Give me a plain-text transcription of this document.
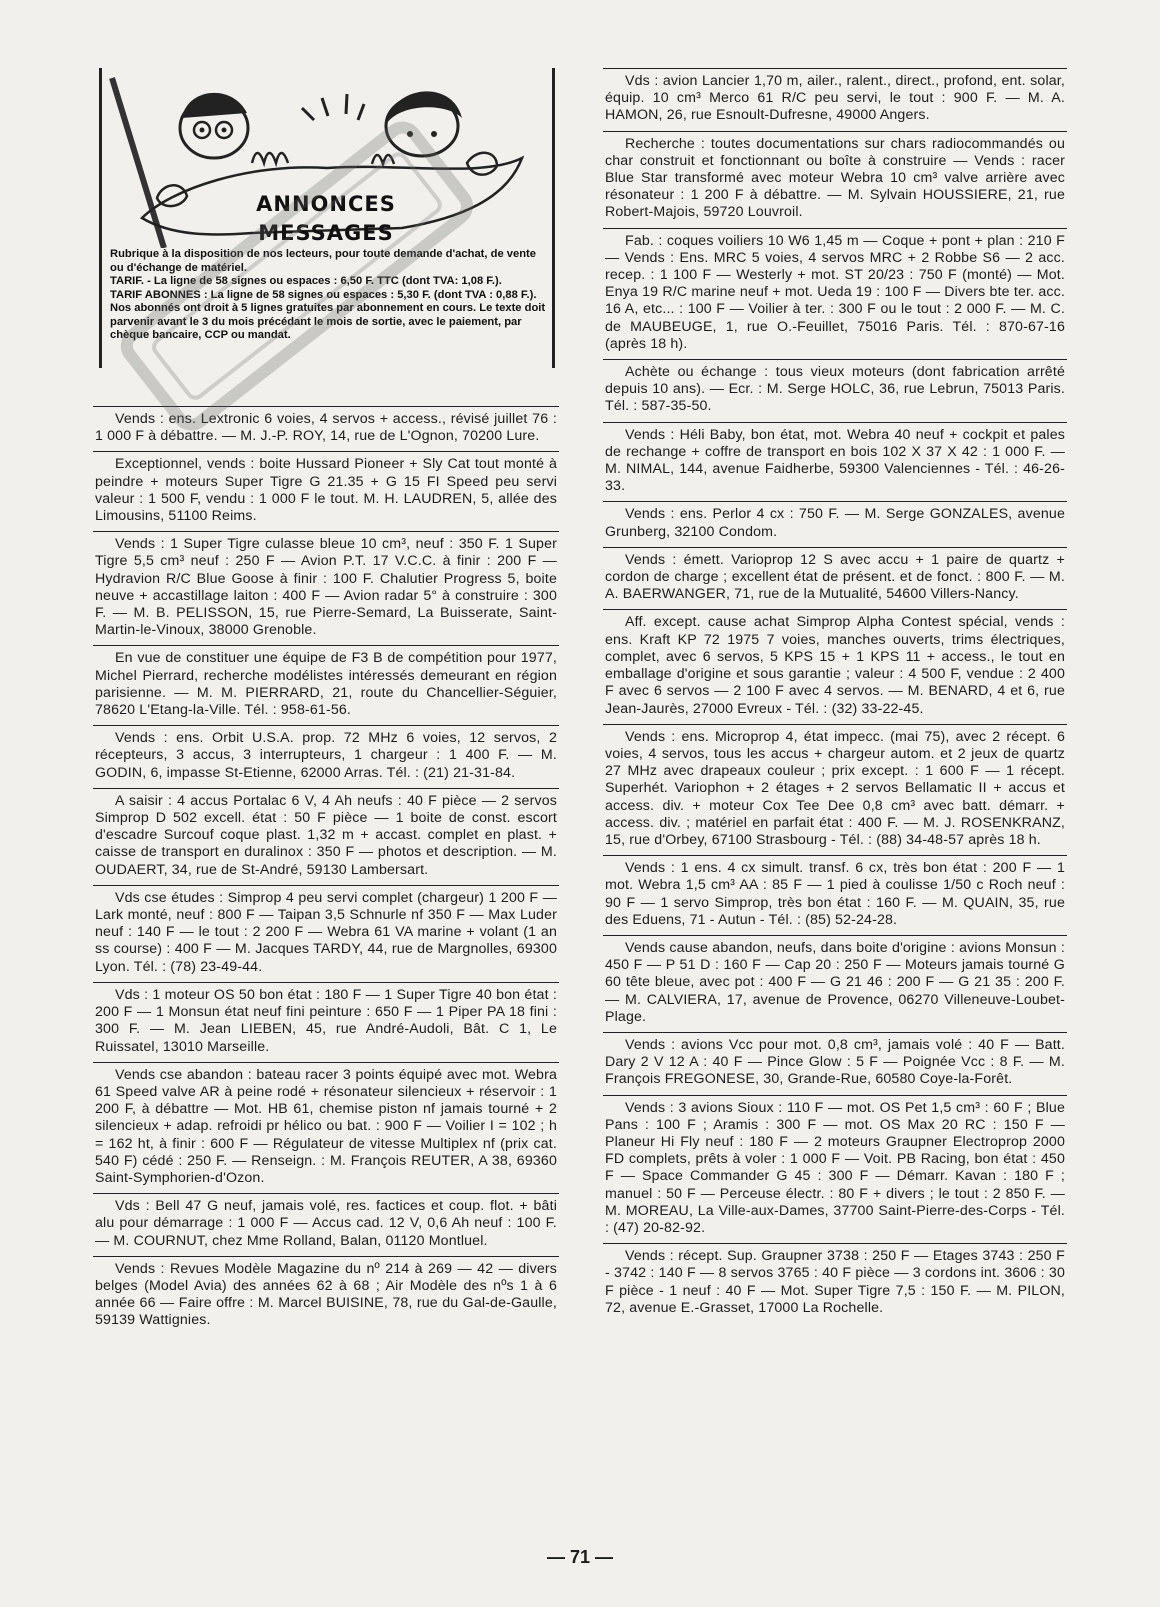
ANNONCES
MESSAGES

Rubrique à la disposition de nos lecteurs, pour toute demande d'achat, de vente ou d'échange de matériel.

TARIF. - La ligne de 58 signes ou espaces : 6,50 F. TTC (dont TVA: 1,08 F.).

TARIF ABONNES : La ligne de 58 signes ou espaces : 5,30 F. (dont TVA : 0,88 F.). Nos abonnés ont droit à 5 lignes gratuites par abonnement en cours. Le texte doit parvenir avant le 3 du mois précédant le mois de sortie, avec le paiement, par chèque bancaire, CCP ou mandat.

Vends : ens. Lextronic 6 voies, 4 servos + access., révisé juillet 76 : 1 000 F à débattre. — M. J.-P. ROY, 14, rue de L'Ognon, 70200 Lure.

Exceptionnel, vends : boite Hussard Pioneer + Sly Cat tout monté à peindre + moteurs Super Tigre G 21.35 + G 15 FI Speed peu servi valeur : 1 500 F, vendu : 1 000 F le tout. M. H. LAUDREN, 5, allée des Limousins, 51100 Reims.

Vends : 1 Super Tigre culasse bleue 10 cm³, neuf : 350 F. 1 Super Tigre 5,5 cm³ neuf : 250 F — Avion P.T. 17 V.C.C. à finir : 200 F — Hydravion R/C Blue Goose à finir : 100 F. Chalutier Progress 5, boite neuve + accastillage laiton : 400 F — Avion radar 5° à construire : 300 F. — M. B. PELISSON, 15, rue Pierre-Semard, La Buisserate, Saint-Martin-le-Vinoux, 38000 Grenoble.

En vue de constituer une équipe de F3 B de compétition pour 1977, Michel Pierrard, recherche modélistes intéressés demeurant en région parisienne. — M. M. PIERRARD, 21, route du Chancellier-Séguier, 78620 L'Etang-la-Ville. Tél. : 958-61-56.

Vends : ens. Orbit U.S.A. prop. 72 MHz 6 voies, 12 servos, 2 récepteurs, 3 accus, 3 interrupteurs, 1 chargeur : 1 400 F. — M. GODIN, 6, impasse St-Etienne, 62000 Arras. Tél. : (21) 21-31-84.

A saisir : 4 accus Portalac 6 V, 4 Ah neufs : 40 F pièce — 2 servos Simprop D 502 excell. état : 50 F pièce — 1 boite de const. escort d'escadre Surcouf coque plast. 1,32 m + accast. complet en plast. + caisse de transport en duralinox : 350 F — photos et description. — M. OUDAERT, 34, rue de St-André, 59130 Lambersart.

Vds cse études : Simprop 4 peu servi complet (chargeur) 1 200 F — Lark monté, neuf : 800 F — Taipan 3,5 Schnurle nf 350 F — Max Luder neuf : 140 F — le tout : 2 200 F — Webra 61 VA marine + volant (1 an ss course) : 400 F — M. Jacques TARDY, 44, rue de Margnolles, 69300 Lyon. Tél. : (78) 23-49-44.

Vds : 1 moteur OS 50 bon état : 180 F — 1 Super Tigre 40 bon état : 200 F — 1 Monsun état neuf fini peinture : 650 F — 1 Piper PA 18 fini : 300 F. — M. Jean LIEBEN, 45, rue André-Audoli, Bât. C 1, Le Ruissatel, 13010 Marseille.

Vends cse abandon : bateau racer 3 points équipé avec mot. Webra 61 Speed valve AR à peine rodé + résonateur silencieux + réservoir : 1 200 F, à débattre — Mot. HB 61, chemise piston nf jamais tourné + 2 silencieux + adap. refroidi pr hélico ou bat. : 900 F — Voilier I = 102 ; h = 162 ht, à finir : 600 F — Régulateur de vitesse Multiplex nf (prix cat. 540 F) cédé : 250 F. — Renseign. : M. François REUTER, A 38, 69360 Saint-Symphorien-d'Ozon.

Vds : Bell 47 G neuf, jamais volé, res. factices et coup. flot. + bâti alu pour démarrage : 1 000 F — Accus cad. 12 V, 0,6 Ah neuf : 100 F. — M. COURNUT, chez Mme Rolland, Balan, 01120 Montluel.

Vends : Revues Modèle Magazine du nº 214 à 269 — 42 — divers belges (Model Avia) des années 62 à 68 ; Air Modèle des nºs 1 à 6 année 66 — Faire offre : M. Marcel BUISINE, 78, rue du Gal-de-Gaulle, 59139 Wattignies.

Vds : avion Lancier 1,70 m, ailer., ralent., direct., profond, ent. solar, équip. 10 cm³ Merco 61 R/C peu servi, le tout : 900 F. — M. A. HAMON, 26, rue Esnoult-Dufresne, 49000 Angers.

Recherche : toutes documentations sur chars radiocommandés ou char construit et fonctionnant ou boîte à construire — Vends : racer Blue Star transformé avec moteur Webra 10 cm³ valve arrière avec résonateur : 1 200 F à débattre. — M. Sylvain HOUSSIERE, 21, rue Robert-Majois, 59720 Louvroil.

Fab. : coques voiliers 10 W6 1,45 m — Coque + pont + plan : 210 F — Vends : Ens. MRC 5 voies, 4 servos MRC + 2 Robbe S6 — 2 acc. recep. : 1 100 F — Westerly + mot. ST 20/23 : 750 F (monté) — Mot. Enya 19 R/C marine neuf + mot. Ueda 19 : 100 F — Divers bte ter. acc. 16 A, etc... : 100 F — Voilier à ter. : 300 F ou le tout : 2 000 F. — M. C. de MAUBEUGE, 1, rue O.-Feuillet, 75016 Paris. Tél. : 870-67-16 (après 18 h).

Achète ou échange : tous vieux moteurs (dont fabrication arrêté depuis 10 ans). — Ecr. : M. Serge HOLC, 36, rue Lebrun, 75013 Paris. Tél. : 587-35-50.

Vends : Héli Baby, bon état, mot. Webra 40 neuf + cockpit et pales de rechange + coffre de transport en bois 102 X 37 X 42 : 1 000 F. — M. NIMAL, 144, avenue Faidherbe, 59300 Valenciennes - Tél. : 46-26-33.

Vends : ens. Perlor 4 cx : 750 F. — M. Serge GONZALES, avenue Grunberg, 32100 Condom.

Vends : émett. Varioprop 12 S avec accu + 1 paire de quartz + cordon de charge ; excellent état de présent. et de fonct. : 800 F. — M. A. BAERWANGER, 71, rue de la Mutualité, 54600 Villers-Nancy.

Aff. except. cause achat Simprop Alpha Contest spécial, vends : ens. Kraft KP 72 1975 7 voies, manches ouverts, trims électriques, complet, avec 6 servos, 5 KPS 15 + 1 KPS 11 + access., le tout en emballage d'origine et sous garantie ; valeur : 4 500 F, vendue : 2 400 F avec 6 servos — 2 100 F avec 4 servos. — M. BENARD, 4 et 6, rue Jean-Jaurès, 27000 Evreux - Tél. : (32) 33-22-45.

Vends : ens. Microprop 4, état impecc. (mai 75), avec 2 récept. 6 voies, 4 servos, tous les accus + chargeur autom. et 2 jeux de quartz 27 MHz avec drapeaux couleur ; prix except. : 1 600 F — 1 récept. Superhét. Variophon + 2 étages + 2 servos Bellamatic II + accus et access. div. + moteur Cox Tee Dee 0,8 cm³ avec batt. démarr. + access. div. ; matériel en parfait état : 400 F. — M. J. ROSENKRANZ, 15, rue d'Orbey, 67100 Strasbourg - Tél. : (88) 34-48-57 après 18 h.

Vends : 1 ens. 4 cx simult. transf. 6 cx, très bon état : 200 F — 1 mot. Webra 1,5 cm³ AA : 85 F — 1 pied à coulisse 1/50 c Roch neuf : 90 F — 1 servo Simprop, très bon état : 160 F. — M. QUAIN, 35, rue des Eduens, 71 - Autun - Tél. : (85) 52-24-28.

Vends cause abandon, neufs, dans boite d'origine : avions Monsun : 450 F — P 51 D : 160 F — Cap 20 : 250 F — Moteurs jamais tourné G 60 tête bleue, avec pot : 400 F — G 21 46 : 200 F — G 21 35 : 200 F. — M. CALVIERA, 17, avenue de Provence, 06270 Villeneuve-Loubet-Plage.

Vends : avions Vcc pour mot. 0,8 cm³, jamais volé : 40 F — Batt. Dary 2 V 12 A : 40 F — Pince Glow : 5 F — Poignée Vcc : 8 F. — M. François FREGONESE, 30, Grande-Rue, 60580 Coye-la-Forêt.

Vends : 3 avions Sioux : 110 F — mot. OS Pet 1,5 cm³ : 60 F ; Blue Pans : 100 F ; Aramis : 300 F — mot. OS Max 20 RC : 150 F — Planeur Hi Fly neuf : 180 F — 2 moteurs Graupner Electroprop 2000 FD complets, prêts à voler : 1 000 F — Voit. PB Racing, bon état : 450 F — Space Commander G 45 : 300 F — Démarr. Kavan : 180 F ; manuel : 50 F — Perceuse électr. : 80 F + divers ; le tout : 2 850 F. — M. MOREAU, La Ville-aux-Dames, 37700 Saint-Pierre-des-Corps - Tél. : (47) 20-82-92.

Vends : récept. Sup. Graupner 3738 : 250 F — Etages 3743 : 250 F - 3742 : 140 F — 8 servos 3765 : 40 F pièce — 3 cordons int. 3606 : 30 F pièce - 1 neuf : 40 F — Mot. Super Tigre 7,5 : 150 F. — M. PILON, 72, avenue E.-Grasset, 17000 La Rochelle.

— 71 —
